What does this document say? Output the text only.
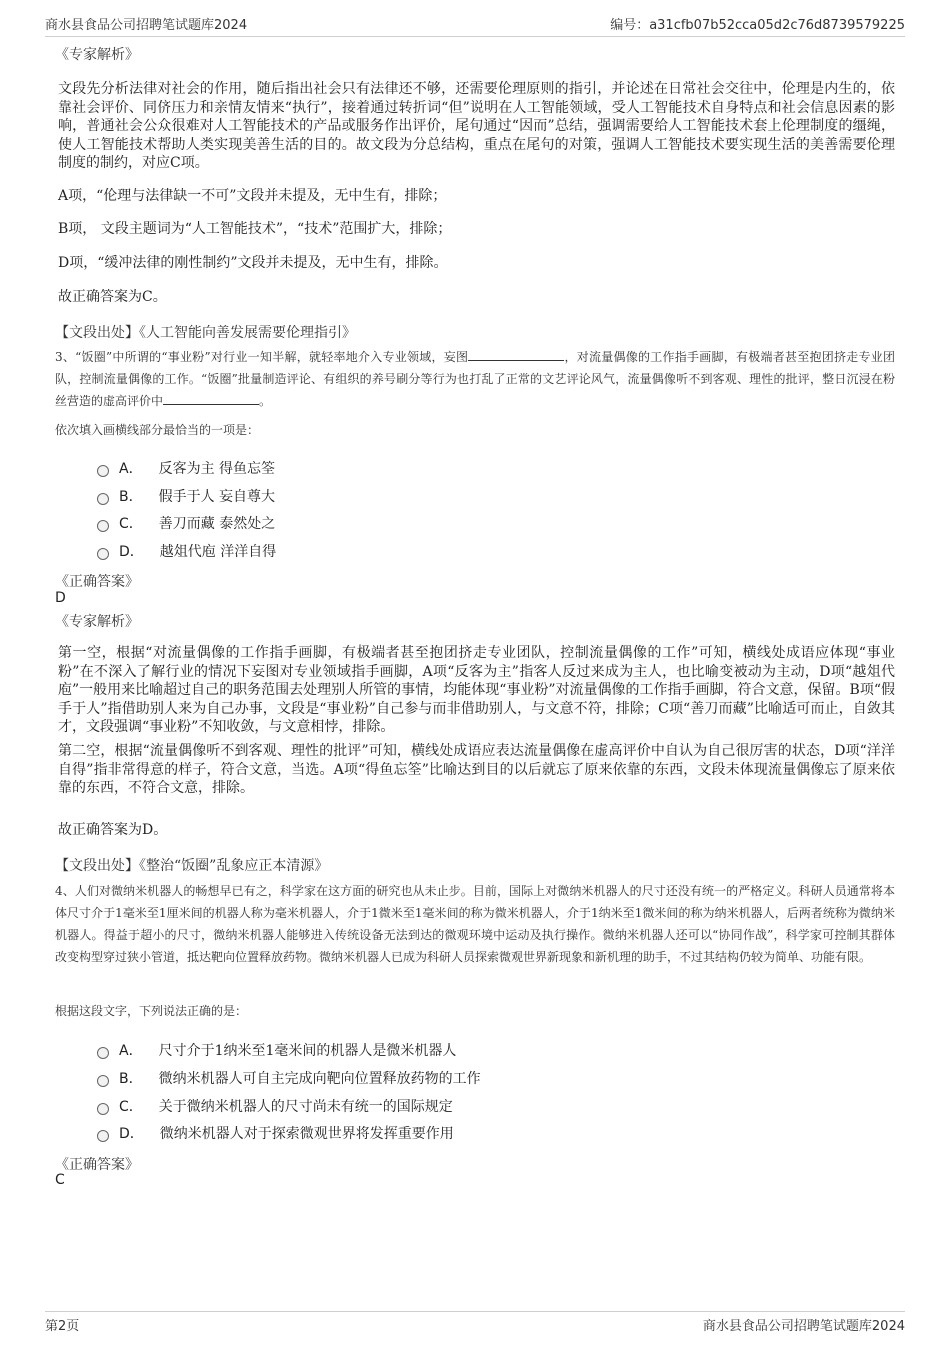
商水县食品公司招聘笔试题库2024	编号：a31cfb07b52cca05d2c76d8739579225

《专家解析》

文段先分析法律对社会的作用，随后指出社会只有法律还不够，还需要伦理原则的指引，并论述在日常社会交往中，伦理是内生的，依靠社会评价、同侪压力和亲情友情来“执行”，接着通过转折词“但”说明在人工智能领域，受人工智能技术自身特点和社会信息因素的影响，普通社会公众很难对人工智能技术的产品或服务作出评价，尾句通过“因而”总结，强调需要给人工智能技术套上伦理制度的缰绳，使人工智能技术帮助人类实现美善生活的目的。故文段为分总结构，重点在尾句的对策，强调人工智能技术要实现生活的美善需要伦理制度的制约，对应C项。

A项，“伦理与法律缺一不可”文段并未提及，无中生有，排除；

B项， 文段主题词为“人工智能技术”，“技术”范围扩大，排除；

D项，“缓冲法律的刚性制约”文段并未提及，无中生有，排除。

故正确答案为C。

【文段出处】《人工智能向善发展需要伦理指引》

3、“饭圈”中所谓的“事业粉”对行业一知半解，就轻率地介入专业领域，妄图	，对流量偶像的工作指手画脚，有极端者甚至抱团挤走专业团队，控制流量偶像的工作。“饭圈”批量制造评论、有组织的养号刷分等行为也打乱了正常的文艺评论风气，流量偶像听不到客观、理性的批评，整日沉浸在粉丝营造的虚高评价中	。

依次填入画横线部分最恰当的一项是：

A． 反客为主 得鱼忘筌
B． 假手于人 妄自尊大
C． 善刀而藏 泰然处之
D． 越俎代庖 洋洋自得

《正确答案》

D

《专家解析》

第一空，根据“对流量偶像的工作指手画脚，有极端者甚至抱团挤走专业团队，控制流量偶像的工作”可知，横线处成语应体现“事业粉”在不深入了解行业的情况下妄图对专业领域指手画脚，A项“反客为主”指客人反过来成为主人，也比喻变被动为主动，D项“越俎代庖”一般用来比喻超过自己的职务范围去处理别人所管的事情，均能体现“事业粉”对流量偶像的工作指手画脚，符合文意，保留。B项“假手于人”指借助别人来为自己办事，文段是“事业粉”自己参与而非借助别人，与文意不符，排除；C项“善刀而藏”比喻适可而止，自敛其才，文段强调“事业粉”不知收敛，与文意相悖，排除。

第二空，根据“流量偶像听不到客观、理性的批评”可知，横线处成语应表达流量偶像在虚高评价中自认为自己很厉害的状态，D项“洋洋自得”指非常得意的样子，符合文意，当选。A项“得鱼忘筌”比喻达到目的以后就忘了原来依靠的东西，文段未体现流量偶像忘了原来依靠的东西，不符合文意，排除。

故正确答案为D。

【文段出处】《整治“饭圈”乱象应正本清源》

4、人们对微纳米机器人的畅想早已有之，科学家在这方面的研究也从未止步。目前，国际上对微纳米机器人的尺寸还没有统一的严格定义。科研人员通常将本体尺寸介于1毫米至1厘米间的机器人称为毫米机器人，介于1微米至1毫米间的称为微米机器人，介于1纳米至1微米间的称为纳米机器人，后两者统称为微纳米机器人。得益于超小的尺寸，微纳米机器人能够进入传统设备无法到达的微观环境中运动及执行操作。微纳米机器人还可以“协同作战”，科学家可控制其群体改变构型穿过狭小管道，抵达靶向位置释放药物。微纳米机器人已成为科研人员探索微观世界新现象和新机理的助手，不过其结构仍较为简单、功能有限。

根据这段文字，下列说法正确的是：

A． 尺寸介于1纳米至1毫米间的机器人是微米机器人
B． 微纳米机器人可自主完成向靶向位置释放药物的工作
C． 关于微纳米机器人的尺寸尚未有统一的国际规定
D． 微纳米机器人对于探索微观世界将发挥重要作用

《正确答案》

C

第2页	商水县食品公司招聘笔试题库2024
